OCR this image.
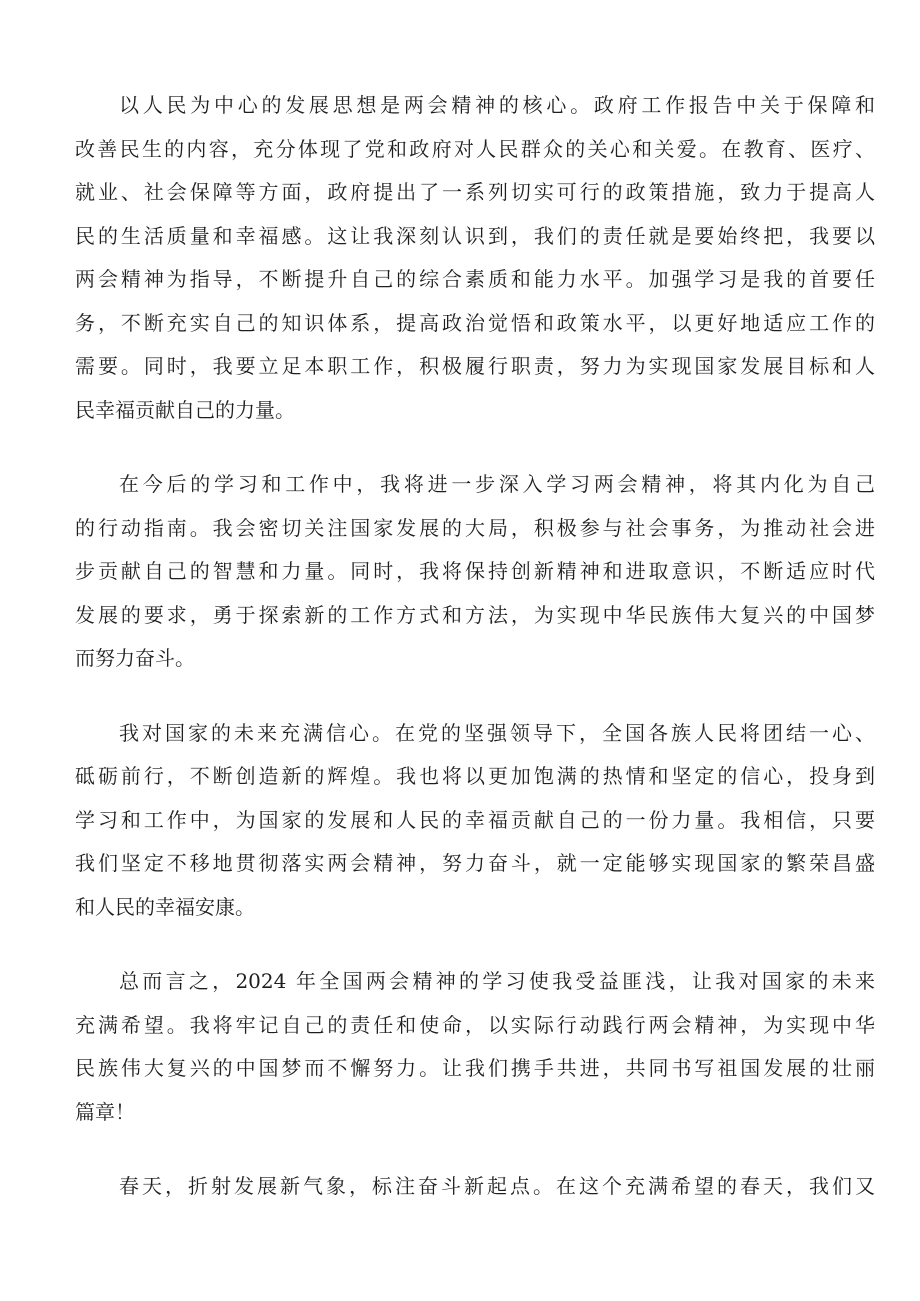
以人民为中心的发展思想是两会精神的核心。政府工作报告中关于保障和
改善民生的内容，充分体现了党和政府对人民群众的关心和关爱。在教育、医疗、
就业、社会保障等方面，政府提出了一系列切实可行的政策措施，致力于提高人
民的生活质量和幸福感。这让我深刻认识到，我们的责任就是要始终把，我要以
两会精神为指导，不断提升自己的综合素质和能力水平。加强学习是我的首要任
务，不断充实自己的知识体系，提高政治觉悟和政策水平，以更好地适应工作的
需要。同时，我要立足本职工作，积极履行职责，努力为实现国家发展目标和人
民幸福贡献自己的力量。

在今后的学习和工作中，我将进一步深入学习两会精神，将其内化为自己
的行动指南。我会密切关注国家发展的大局，积极参与社会事务，为推动社会进
步贡献自己的智慧和力量。同时，我将保持创新精神和进取意识，不断适应时代
发展的要求，勇于探索新的工作方式和方法，为实现中华民族伟大复兴的中国梦
而努力奋斗。

我对国家的未来充满信心。在党的坚强领导下，全国各族人民将团结一心、
砥砺前行，不断创造新的辉煌。我也将以更加饱满的热情和坚定的信心，投身到
学习和工作中，为国家的发展和人民的幸福贡献自己的一份力量。我相信，只要
我们坚定不移地贯彻落实两会精神，努力奋斗，就一定能够实现国家的繁荣昌盛
和人民的幸福安康。

总而言之，2024 年全国两会精神的学习使我受益匪浅，让我对国家的未来
充满希望。我将牢记自己的责任和使命，以实际行动践行两会精神，为实现中华
民族伟大复兴的中国梦而不懈努力。让我们携手共进，共同书写祖国发展的壮丽
篇章！

春天，折射发展新气象，标注奋斗新起点。在这个充满希望的春天，我们又
